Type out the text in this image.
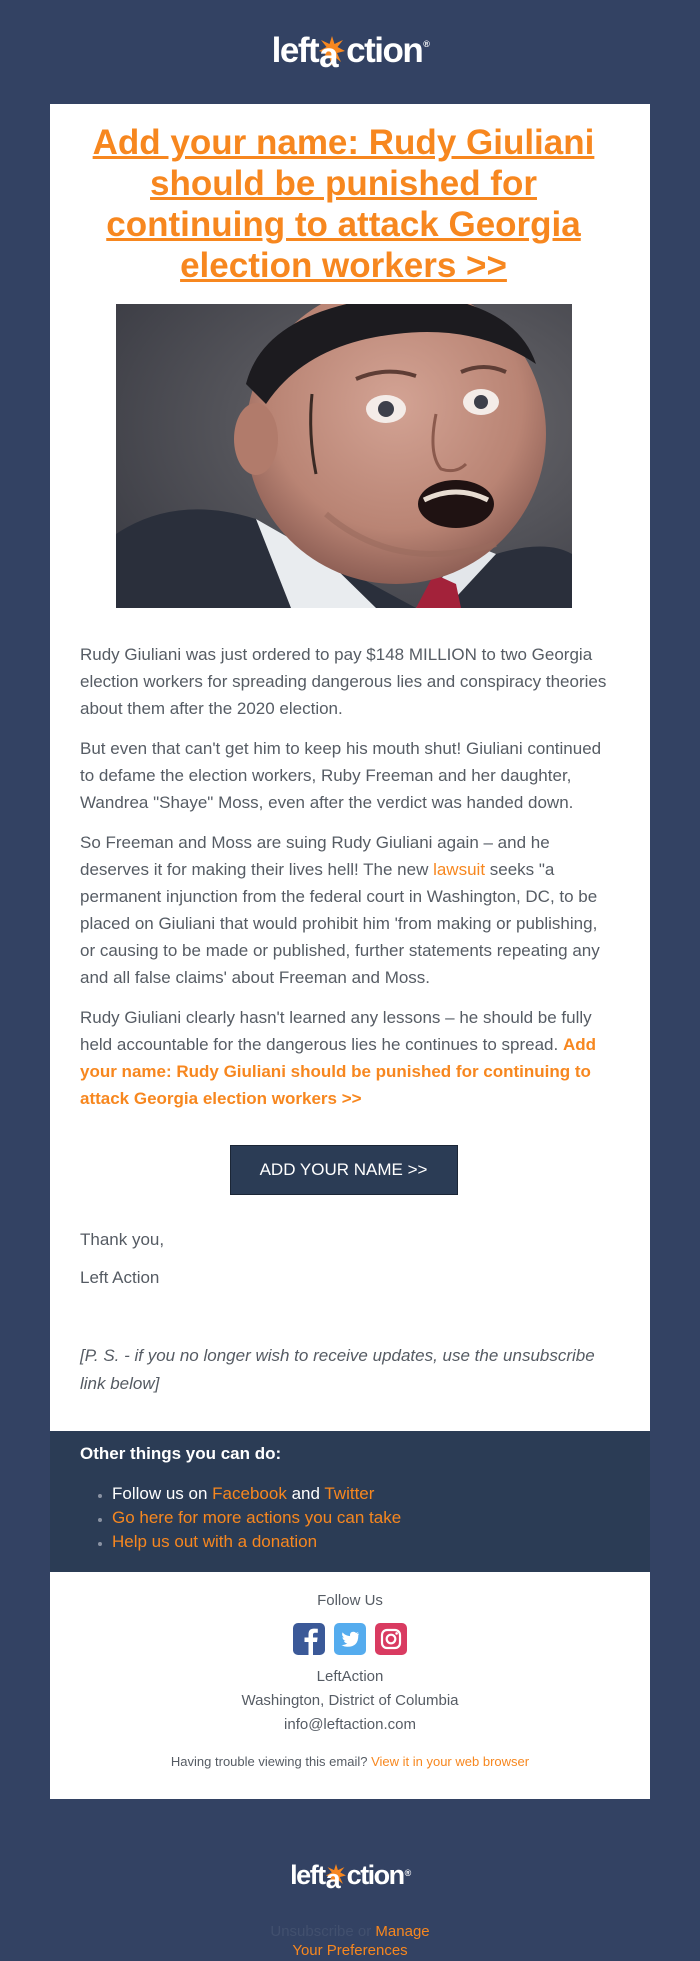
left a ction ®
Add your name: Rudy Giuliani should be punished for continuing to attack Georgia election workers >>

Rudy Giuliani was just ordered to pay $148 MILLION to two Georgia election workers for spreading dangerous lies and conspiracy theories about them after the 2020 election.

But even that can't get him to keep his mouth shut! Giuliani continued to defame the election workers, Ruby Freeman and her daughter, Wandrea "Shaye" Moss, even after the verdict was handed down.

So Freeman and Moss are suing Rudy Giuliani again – and he deserves it for making their lives hell! The new lawsuit seeks "a permanent injunction from the federal court in Washington, DC, to be placed on Giuliani that would prohibit him 'from making or publishing, or causing to be made or published, further statements repeating any and all false claims' about Freeman and Moss.

Rudy Giuliani clearly hasn't learned any lessons – he should be fully held accountable for the dangerous lies he continues to spread. Add your name: Rudy Giuliani should be punished for continuing to attack Georgia election workers >>

ADD YOUR NAME >>

Thank you,

Left Action

[P. S. - if you no longer wish to receive updates, use the unsubscribe link below]

Other things you can do:

• Follow us on Facebook and Twitter
• Go here for more actions you can take
• Help us out with a donation
Follow Us
LeftAction
Washington, District of Columbia
info@leftaction.com
Having trouble viewing this email? View it in your web browser
left a ction ®
Unsubscribe or Manage
Your Preferences
